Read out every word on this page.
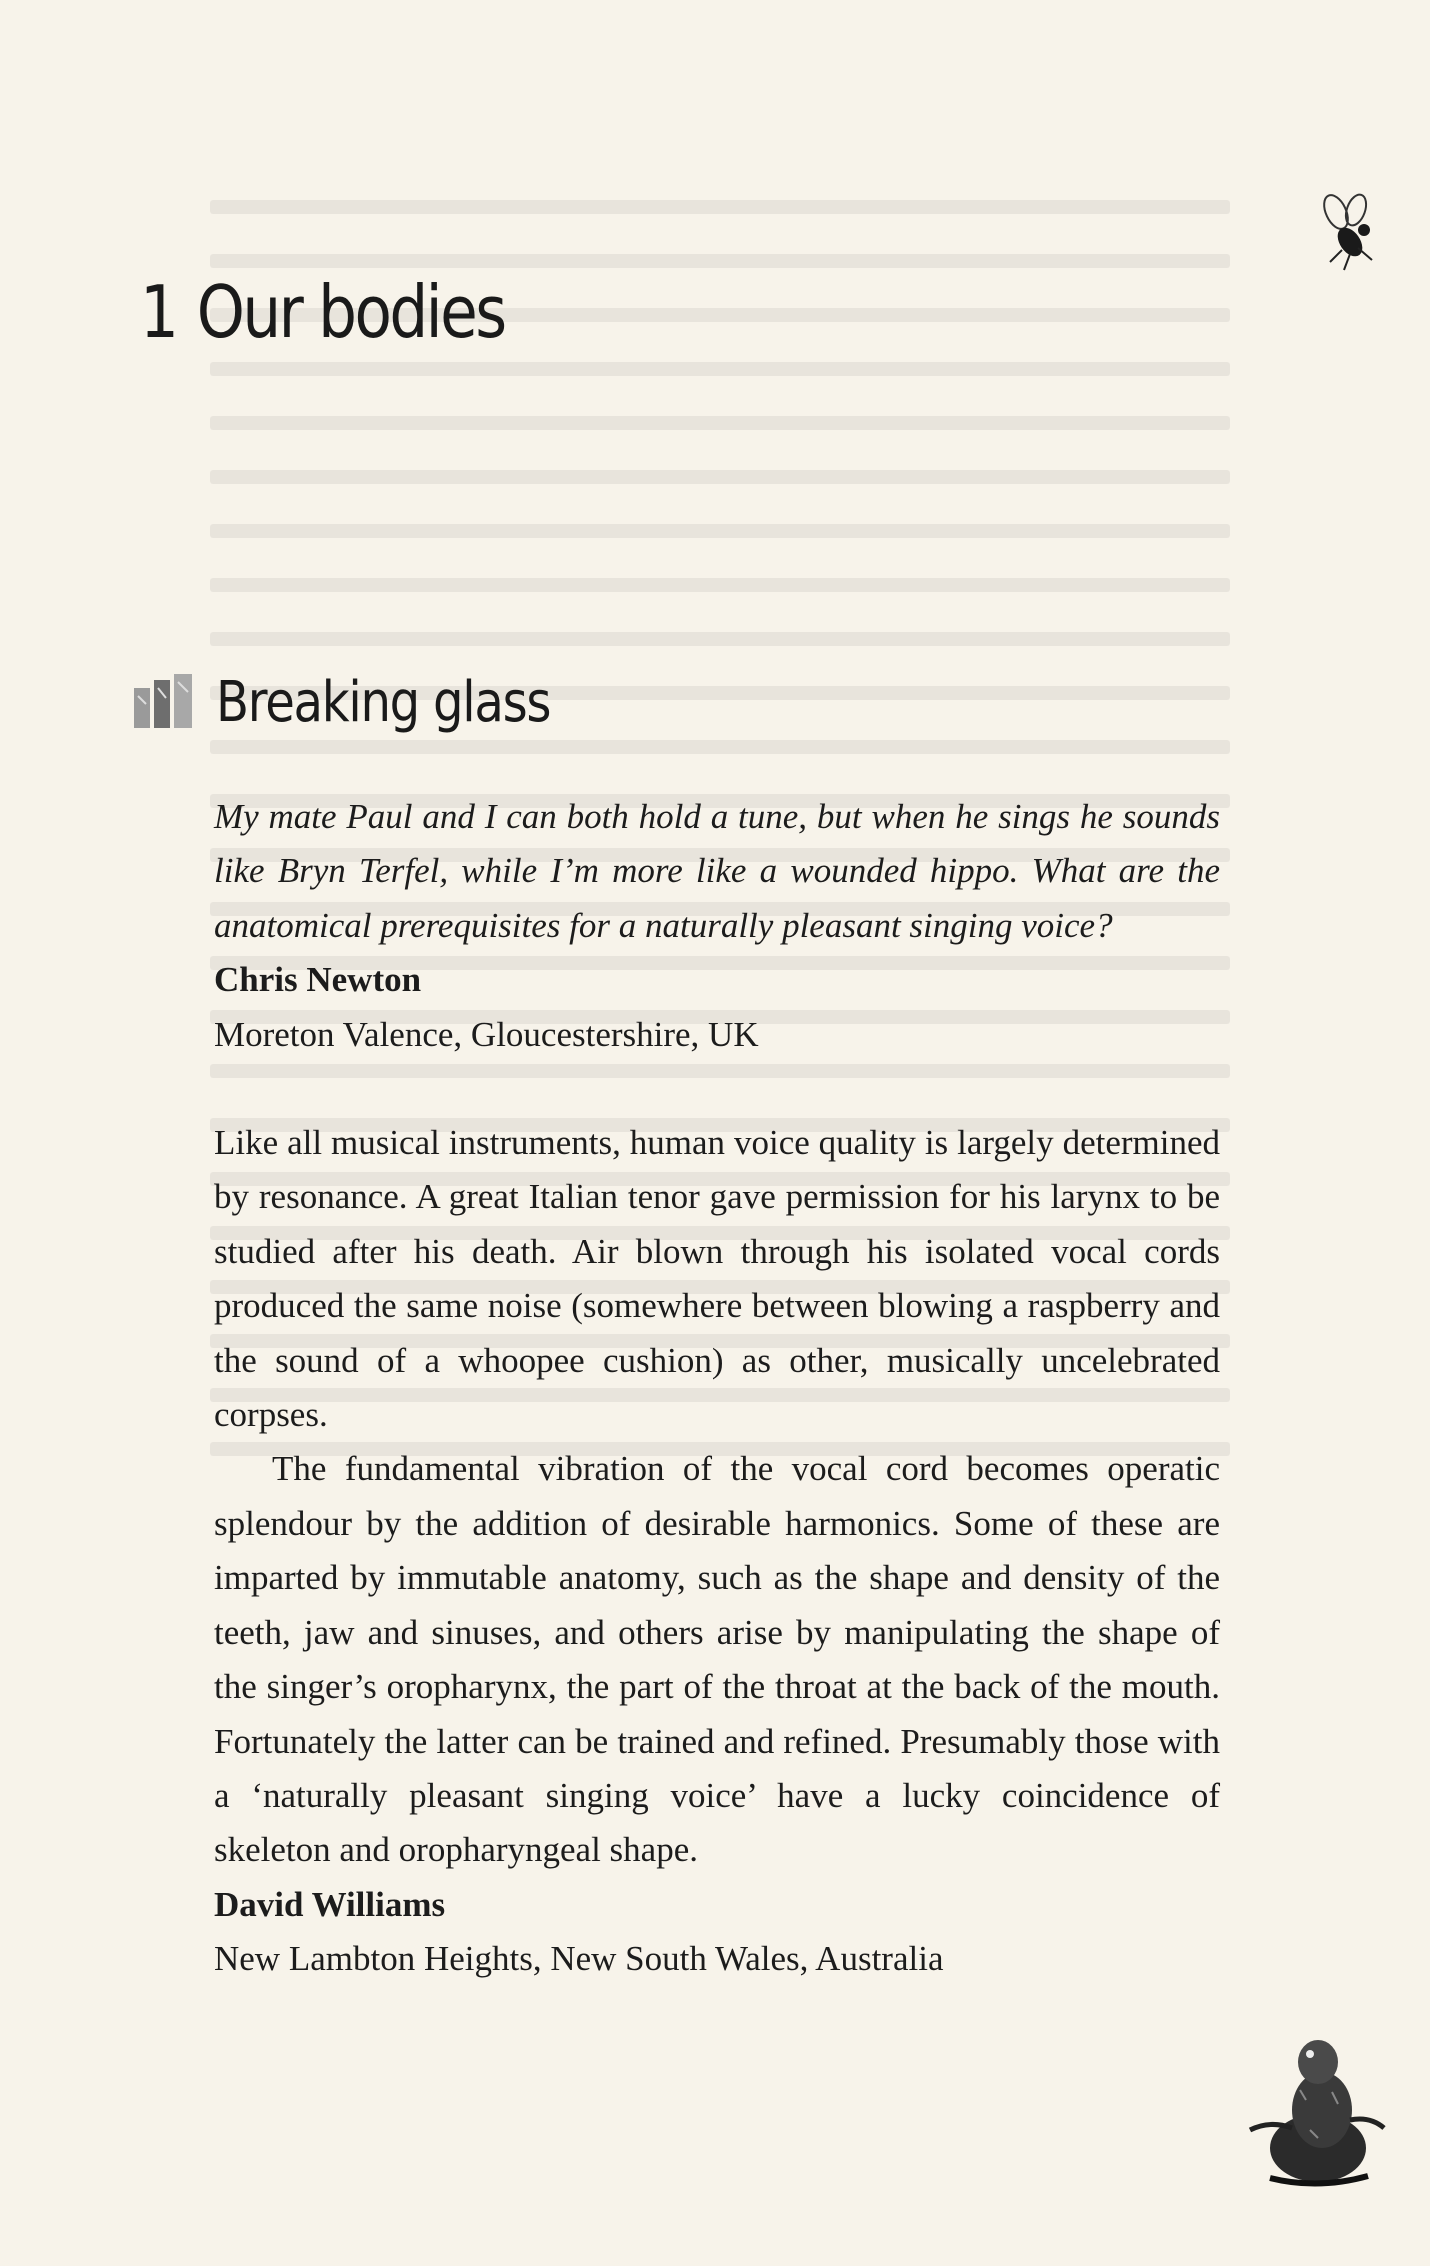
1 Our bodies
Breaking glass

My mate Paul and I can both hold a tune, but when he sings he sounds like Bryn Terfel, while I’m more like a wounded hippo. What are the anatomical prerequisites for a naturally pleasant singing voice?

Chris Newton

Moreton Valence, Gloucestershire, UK

Like all musical instruments, human voice quality is largely determined by resonance. A great Italian tenor gave permission for his larynx to be studied after his death. Air blown through his isolated vocal cords produced the same noise (somewhere between blowing a raspberry and the sound of a whoopee cushion) as other, musically uncelebrated corpses.

The fundamental vibration of the vocal cord becomes operatic splendour by the addition of desirable harmonics. Some of these are imparted by immutable anatomy, such as the shape and density of the teeth, jaw and sinuses, and others arise by manipulating the shape of the singer’s oropharynx, the part of the throat at the back of the mouth. Fortunately the latter can be trained and refined. Presumably those with a ‘naturally pleasant singing voice’ have a lucky coincidence of skeleton and oropharyngeal shape.

David Williams

New Lambton Heights, New South Wales, Australia
